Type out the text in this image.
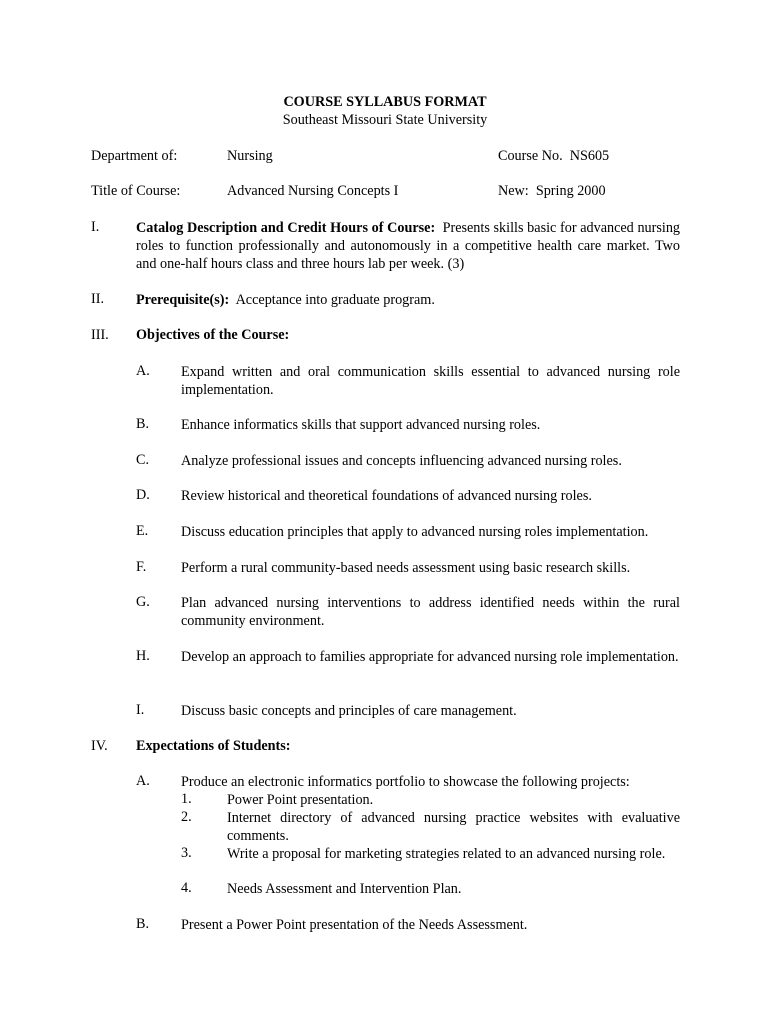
COURSE SYLLABUS FORMAT
Southeast Missouri State University
Department of:	Nursing	Course No.  NS605
Title of Course:	Advanced Nursing Concepts I	New:  Spring 2000
I.	Catalog Description and Credit Hours of Course: Presents skills basic for advanced nursing roles to function professionally and autonomously in a competitive health care market. Two and one-half hours class and three hours lab per week. (3)
II. Prerequisite(s): Acceptance into graduate program.
III. Objectives of the Course:
A. Expand written and oral communication skills essential to advanced nursing role implementation.
B. Enhance informatics skills that support advanced nursing roles.
C. Analyze professional issues and concepts influencing advanced nursing roles.
D. Review historical and theoretical foundations of advanced nursing roles.
E. Discuss education principles that apply to advanced nursing roles implementation.
F. Perform a rural community-based needs assessment using basic research skills.
G. Plan advanced nursing interventions to address identified needs within the rural community environment.
H. Develop an approach to families appropriate for advanced nursing role implementation.
I.	Discuss basic concepts and principles of care management.
IV. Expectations of Students:
A. Produce an electronic informatics portfolio to showcase the following projects:
1. Power Point presentation.
2. Internet directory of advanced nursing practice websites with evaluative comments.
3. Write a proposal for marketing strategies related to an advanced nursing role.
4. Needs Assessment and Intervention Plan.
B. Present a Power Point presentation of the Needs Assessment.
